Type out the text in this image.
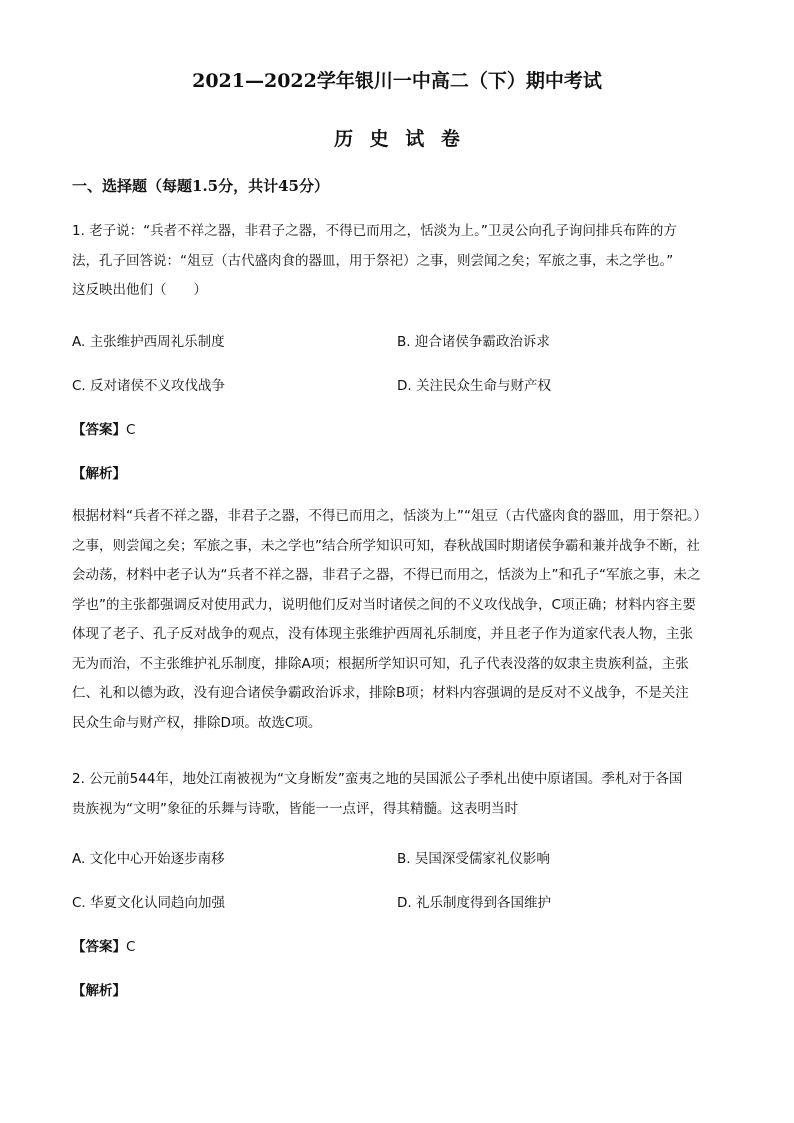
2021—2022学年银川一中高二（下）期中考试
历 史 试 卷
一、选择题（每题1.5分，共计45分）
1. 老子说：“兵者不祥之器，非君子之器，不得已而用之，恬淡为上。”卫灵公向孔子询问排兵布阵的方
法，孔子回答说：“俎豆（古代盛肉食的器皿，用于祭祀）之事，则尝闻之矣；军旅之事，未之学也。”
这反映出他们（　　）
A. 主张维护西周礼乐制度	B. 迎合诸侯争霸政治诉求
C. 反对诸侯不义攻伐战争	D. 关注民众生命与财产权
【答案】C
【解析】
根据材料“兵者不祥之器，非君子之器，不得已而用之，恬淡为上”“俎豆（古代盛肉食的器皿，用于祭祀。）
之事，则尝闻之矣；军旅之事，未之学也”结合所学知识可知，春秋战国时期诸侯争霸和兼并战争不断，社
会动荡，材料中老子认为“兵者不祥之器，非君子之器，不得已而用之，恬淡为上”和孔子“军旅之事，未之
学也”的主张都强调反对使用武力，说明他们反对当时诸侯之间的不义攻伐战争，C项正确；材料内容主要
体现了老子、孔子反对战争的观点，没有体现主张维护西周礼乐制度，并且老子作为道家代表人物，主张
无为而治，不主张维护礼乐制度，排除A项；根据所学知识可知，孔子代表没落的奴隶主贵族利益，主张
仁、礼和以德为政，没有迎合诸侯争霸政治诉求，排除B项；材料内容强调的是反对不义战争，不是关注
民众生命与财产权，排除D项。故选C项。
2. 公元前544年，地处江南被视为“文身断发”蛮夷之地的吴国派公子季札出使中原诸国。季札对于各国
贵族视为“文明”象征的乐舞与诗歌，皆能一一点评，得其精髓。这表明当时
A. 文化中心开始逐步南移	B. 吴国深受儒家礼仪影响
C. 华夏文化认同趋向加强	D. 礼乐制度得到各国维护
【答案】C
【解析】
